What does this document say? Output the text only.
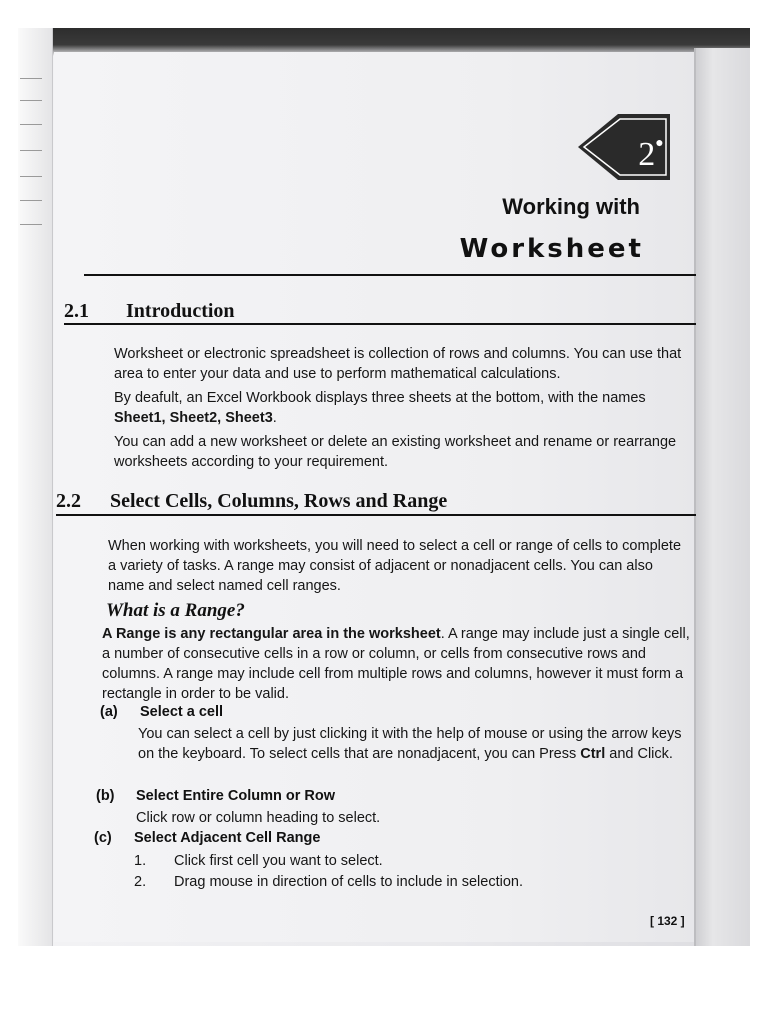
2●
Working with
Worksheet
2.1 Introduction

Worksheet or electronic spreadsheet is collection of rows and columns. You can use that area to enter your data and use to perform mathematical calculations.

By deafult, an Excel Workbook displays three sheets at the bottom, with the names Sheet1, Sheet2, Sheet3.

You can add a new worksheet or delete an existing worksheet and rename or rearrange worksheets according to your requirement.

2.2 Select Cells, Columns, Rows and Range

When working with worksheets, you will need to select a cell or range of cells to complete a variety of tasks. A range may consist of adjacent or nonadjacent cells. You can also name and select named cell ranges.

What is a Range?

A Range is any rectangular area in the worksheet. A range may include just a single cell, a number of consecutive cells in a row or column, or cells from consecutive rows and columns. A range may include cell from multiple rows and columns, however it must form a rectangle in order to be valid.

(a) Select a cell
You can select a cell by just clicking it with the help of mouse or using the arrow keys on the keyboard. To select cells that are nonadjacent, you can Press Ctrl and Click.
(b) Select Entire Column or Row
Click row or column heading to select.
(c) Select Adjacent Cell Range
1. Click first cell you want to select.
2. Drag mouse in direction of cells to include in selection.
[ 132 ]
